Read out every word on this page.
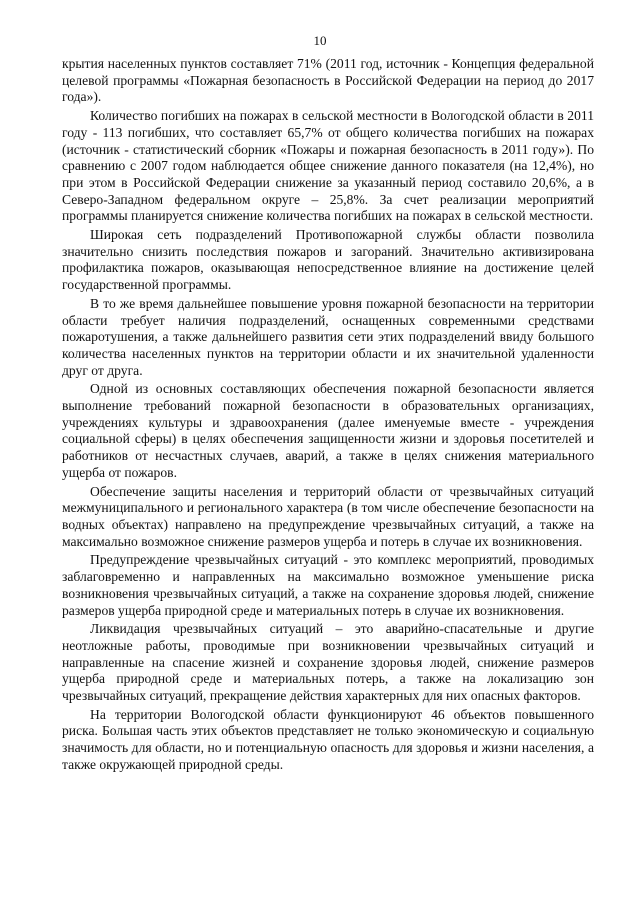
10

крытия населенных пунктов составляет 71% (2011 год, источник - Концепция федеральной целевой программы «Пожарная безопасность в Российской Федерации на период до 2017 года»).

Количество погибших на пожарах в сельской местности в Вологодской области в 2011 году - 113 погибших, что составляет 65,7% от общего количества погибших на пожарах (источник - статистический сборник «Пожары и пожарная безопасность в 2011 году»). По сравнению с 2007 годом наблюдается общее снижение данного показателя (на 12,4%), но при этом в Российской Федерации снижение за указанный период составило 20,6%, а в Северо-Западном федеральном округе – 25,8%. За счет реализации мероприятий программы планируется снижение количества погибших на пожарах в сельской местности.

Широкая сеть подразделений Противопожарной службы области позволила значительно снизить последствия пожаров и загораний. Значительно активизирована профилактика пожаров, оказывающая непосредственное влияние на достижение целей государственной программы.

В то же время дальнейшее повышение уровня пожарной безопасности на территории области требует наличия подразделений, оснащенных современными средствами пожаротушения, а также дальнейшего развития сети этих подразделений ввиду большого количества населенных пунктов на территории области и их значительной удаленности друг от друга.

Одной из основных составляющих обеспечения пожарной безопасности является выполнение требований пожарной безопасности в образовательных организациях, учреждениях культуры и здравоохранения (далее именуемые вместе - учреждения социальной сферы) в целях обеспечения защищенности жизни и здоровья посетителей и работников от несчастных случаев, аварий, а также в целях снижения материального ущерба от пожаров.

Обеспечение защиты населения и территорий области от чрезвычайных ситуаций межмуниципального и регионального характера (в том числе обеспечение безопасности на водных объектах) направлено на предупреждение чрезвычайных ситуаций, а также на максимально возможное снижение размеров ущерба и потерь в случае их возникновения.

Предупреждение чрезвычайных ситуаций - это комплекс мероприятий, проводимых заблаговременно и направленных на максимально возможное уменьшение риска возникновения чрезвычайных ситуаций, а также на сохранение здоровья людей, снижение размеров ущерба природной среде и материальных потерь в случае их возникновения.

Ликвидация чрезвычайных ситуаций – это аварийно-спасательные и другие неотложные работы, проводимые при возникновении чрезвычайных ситуаций и направленные на спасение жизней и сохранение здоровья людей, снижение размеров ущерба природной среде и материальных потерь, а также на локализацию зон чрезвычайных ситуаций, прекращение действия характерных для них опасных факторов.

На территории Вологодской области функционируют 46 объектов повышенного риска. Большая часть этих объектов представляет не только экономическую и социальную значимость для области, но и потенциальную опасность для здоровья и жизни населения, а также окружающей природной среды.
